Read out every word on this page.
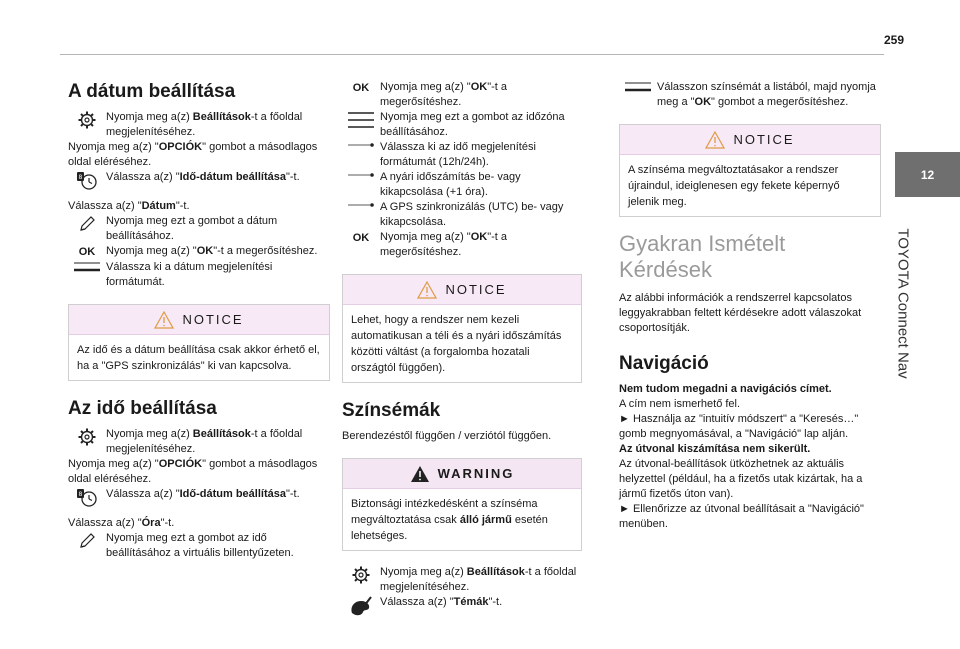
259
12
TOYOTA Connect Nav
A dátum beállítása
Nyomja meg a(z) Beállítások-t a főoldal megjelenítéséhez.
Nyomja meg a(z) "OPCIÓK" gombot a másodlagos oldal eléréséhez.
8 Válassza a(z) "Idő-dátum beállítása"-t.
Válassza a(z) "Dátum"-t.
Nyomja meg ezt a gombot a dátum beállításához.
OK Nyomja meg a(z) "OK"-t a megerősítéshez.
Válassza ki a dátum megjelenítési formátumát.
NOTICE
Az idő és a dátum beállítása csak akkor érhető el, ha a "GPS szinkronizálás" ki van kapcsolva.
Az idő beállítása
Nyomja meg a(z) Beállítások-t a főoldal megjelenítéséhez.
Nyomja meg a(z) "OPCIÓK" gombot a másodlagos oldal eléréséhez.
8 Válassza a(z) "Idő-dátum beállítása"-t.
Válassza a(z) "Óra"-t.
Nyomja meg ezt a gombot az idő beállításához a virtuális billentyűzeten.
OK Nyomja meg a(z) "OK"-t a megerősítéshez.
Nyomja meg ezt a gombot az időzóna beállításához.
Válassza ki az idő megjelenítési formátumát (12h/24h).
A nyári időszámítás be- vagy kikapcsolása (+1 óra).
A GPS szinkronizálás (UTC) be- vagy kikapcsolása.
OK Nyomja meg a(z) "OK"-t a megerősítéshez.
NOTICE
Lehet, hogy a rendszer nem kezeli automatikusan a téli és a nyári időszámítás közötti váltást (a forgalomba hozatali országtól függően).
Színsémák
Berendezéstől függően / verziótól függően.
WARNING
Biztonsági intézkedésként a színséma megváltoztatása csak álló jármű esetén lehetséges.
Nyomja meg a(z) Beállítások-t a főoldal megjelenítéséhez.
Válassza a(z) "Témák"-t.
Válasszon színsémát a listából, majd nyomja meg a "OK" gombot a megerősítéshez.
NOTICE
A színséma megváltoztatásakor a rendszer újraindul, ideiglenesen egy fekete képernyő jelenik meg.
Gyakran Ismételt Kérdések
Az alábbi információk a rendszerrel kapcsolatos leggyakrabban feltett kérdésekre adott válaszokat csoportosítják.
Navigáció
Nem tudom megadni a navigációs címet.
A cím nem ismerhető fel.
► Használja az "intuitív módszert" a "Keresés…" gomb megnyomásával, a "Navigáció" lap alján.
Az útvonal kiszámítása nem sikerült.
Az útvonal-beállítások ütközhetnek az aktuális helyzettel (például, ha a fizetős utak kizártak, ha a jármű fizetős úton van).
► Ellenőrizze az útvonal beállításait a "Navigáció" menüben.
